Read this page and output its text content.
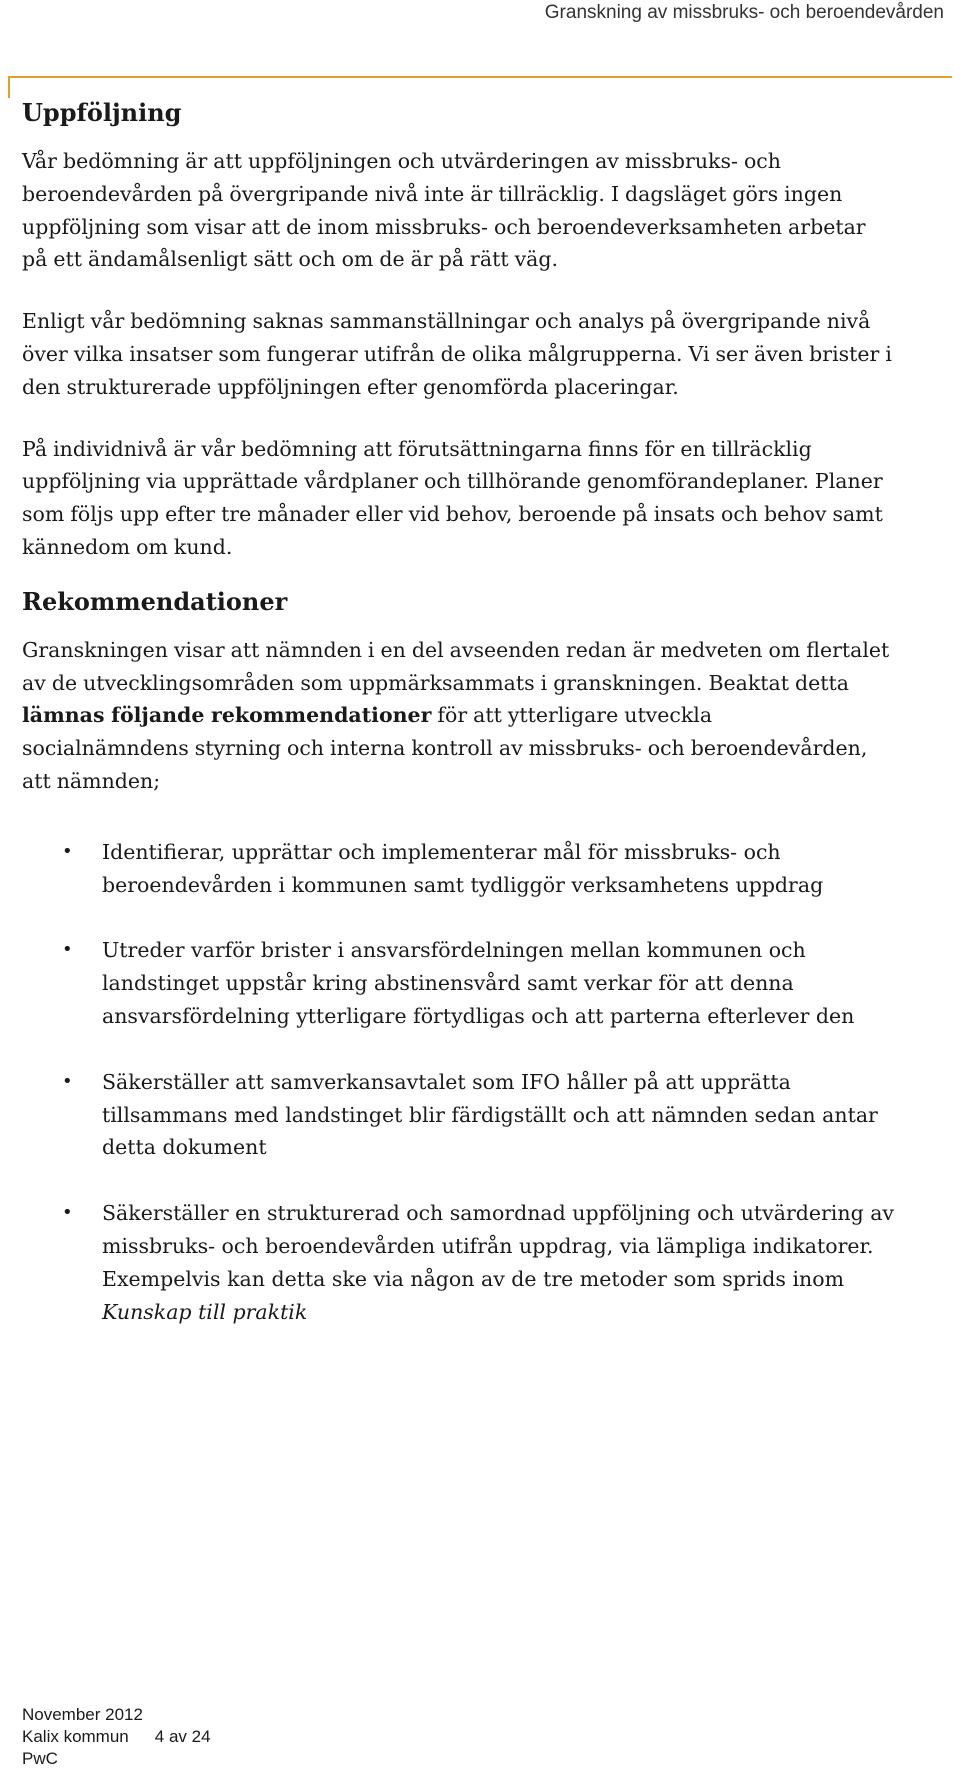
Granskning av missbruks- och beroendevården
Uppföljning

Vår bedömning är att uppföljningen och utvärderingen av missbruks- och
beroendevården på övergripande nivå inte är tillräcklig. I dagsläget görs ingen
uppföljning som visar att de inom missbruks- och beroendeverksamheten arbetar
på ett ändamålsenligt sätt och om de är på rätt väg.

Enligt vår bedömning saknas sammanställningar och analys på övergripande nivå
över vilka insatser som fungerar utifrån de olika målgrupperna. Vi ser även brister i
den strukturerade uppföljningen efter genomförda placeringar.

På individnivå är vår bedömning att förutsättningarna finns för en tillräcklig
uppföljning via upprättade vårdplaner och tillhörande genomförandeplaner. Planer
som följs upp efter tre månader eller vid behov, beroende på insats och behov samt
kännedom om kund.

Rekommendationer

Granskningen visar att nämnden i en del avseenden redan är medveten om flertalet
av de utvecklingsområden som uppmärksammats i granskningen. Beaktat detta
lämnas följande rekommendationer för att ytterligare utveckla
socialnämndens styrning och interna kontroll av missbruks- och beroendevården,
att nämnden;

• Identifierar, upprättar och implementerar mål för missbruks- och
beroendevården i kommunen samt tydliggör verksamhetens uppdrag
• Utreder varför brister i ansvarsfördelningen mellan kommunen och
landstinget uppstår kring abstinensvård samt verkar för att denna
ansvarsfördelning ytterligare förtydligas och att parterna efterlever den
• Säkerställer att samverkansavtalet som IFO håller på att upprätta
tillsammans med landstinget blir färdigställt och att nämnden sedan antar
detta dokument
• Säkerställer en strukturerad och samordnad uppföljning och utvärdering av
missbruks- och beroendevården utifrån uppdrag, via lämpliga indikatorer.
Exempelvis kan detta ske via någon av de tre metoder som sprids inom
Kunskap till praktik
November 2012
Kalix kommun 4 av 24
PwC
